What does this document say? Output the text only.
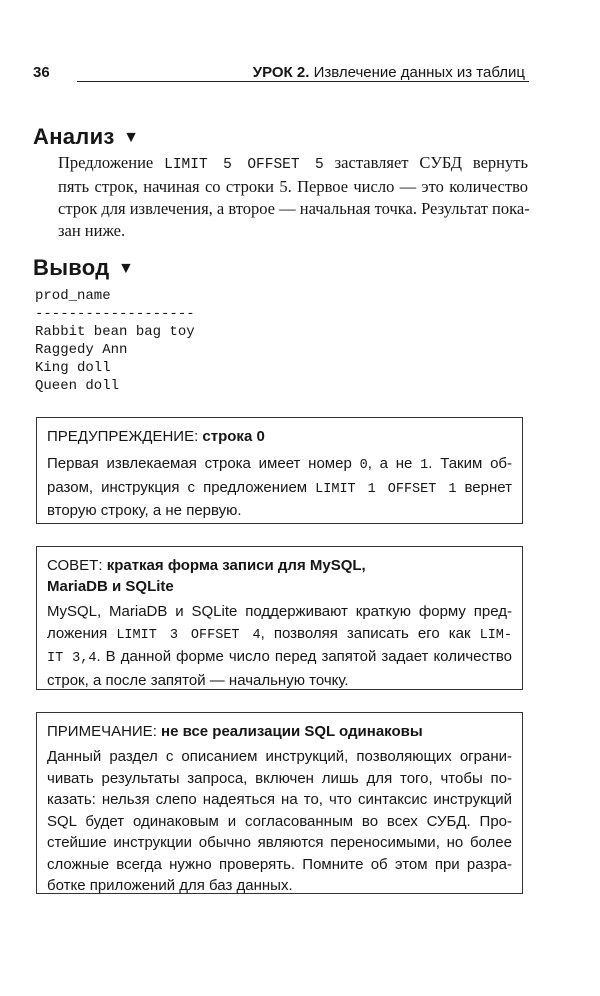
36	УРОК 2. Извлечение данных из таблиц
Анализ ▼
Предложение LIMIT 5 OFFSET 5 заставляет СУБД вернуть
пять строк, начиная со строки 5. Первое число — это количество
строк для извлечения, а второе — начальная точка. Результат пока-
зан ниже.
Вывод ▼
prod_name
-------------------
Rabbit bean bag toy
Raggedy Ann
King doll
Queen doll
ПРЕДУПРЕЖДЕНИЕ: строка 0
Первая извлекаемая строка имеет номер 0, а не 1. Таким об-
разом, инструкция с предложением LIMIT 1 OFFSET 1 вернет
вторую строку, а не первую.
СОВЕТ: краткая форма записи для MySQL,
MariaDB и SQLite
MySQL, MariaDB и SQLite поддерживают краткую форму пред-
ложения LIMIT 3 OFFSET 4, позволяя записать его как LIM-
IT 3,4. В данной форме число перед запятой задает количество
строк, а после запятой — начальную точку.
ПРИМЕЧАНИЕ: не все реализации SQL одинаковы
Данный раздел с описанием инструкций, позволяющих ограни-
чивать результаты запроса, включен лишь для того, чтобы по-
казать: нельзя слепо надеяться на то, что синтаксис инструкций
SQL будет одинаковым и согласованным во всех СУБД. Про-
стейшие инструкции обычно являются переносимыми, но более
сложные всегда нужно проверять. Помните об этом при разра-
ботке приложений для баз данных.
